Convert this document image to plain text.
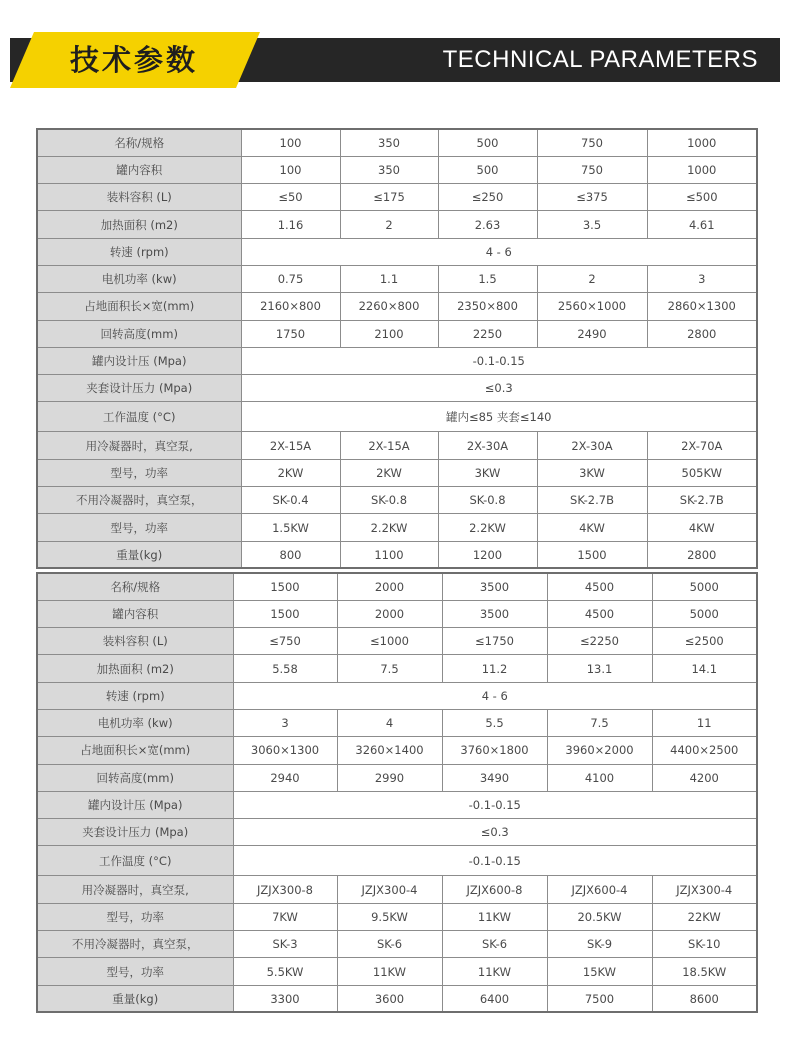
技术参数	TECHNICAL PARAMETERS
名称/规格	100	350	500	750	1000
罐内容积	100	350	500	750	1000
装料容积 (L)	≤50	≤175	≤250	≤375	≤500
加热面积 (m2)	1.16	2	2.63	3.5	4.61
转速 (rpm)	4 - 6				
电机功率 (kw)	0.75	1.1	1.5	2	3
占地面积长×宽(mm)	2160×800	2260×800	2350×800	2560×1000	2860×1300
回转高度(mm)	1750	2100	2250	2490	2800
罐内设计压 (Mpa)	-0.1-0.15				
夹套设计压力 (Mpa)	≤0.3				
工作温度 (°C)	罐内≤85 夹套≤140				
用冷凝器时，真空泵,	2X-15A	2X-15A	2X-30A	2X-30A	2X-70A
型号，功率	2KW	2KW	3KW	3KW	505KW
不用冷凝器时，真空泵，	SK-0.4	SK-0.8	SK-0.8	SK-2.7B	SK-2.7B
型号，功率	1.5KW	2.2KW	2.2KW	4KW	4KW
重量(kg)	800	1100	1200	1500	2800
名称/规格	1500	2000	3500	4500	5000
罐内容积	1500	2000	3500	4500	5000
装料容积 (L)	≤750	≤1000	≤1750	≤2250	≤2500
加热面积 (m2)	5.58	7.5	11.2	13.1	14.1
转速 (rpm)	4 - 6				
电机功率 (kw)	3	4	5.5	7.5	11
占地面积长×宽(mm)	3060×1300	3260×1400	3760×1800	3960×2000	4400×2500
回转高度(mm)	2940	2990	3490	4100	4200
罐内设计压 (Mpa)	-0.1-0.15				
夹套设计压力 (Mpa)	≤0.3				
工作温度 (°C)	-0.1-0.15				
用冷凝器时，真空泵,	JZJX300-8	JZJX300-4	JZJX600-8	JZJX600-4	JZJX300-4
型号，功率	7KW	9.5KW	11KW	20.5KW	22KW
不用冷凝器时，真空泵，	SK-3	SK-6	SK-6	SK-9	SK-10
型号，功率	5.5KW	11KW	11KW	15KW	18.5KW
重量(kg)	3300	3600	6400	7500	8600
